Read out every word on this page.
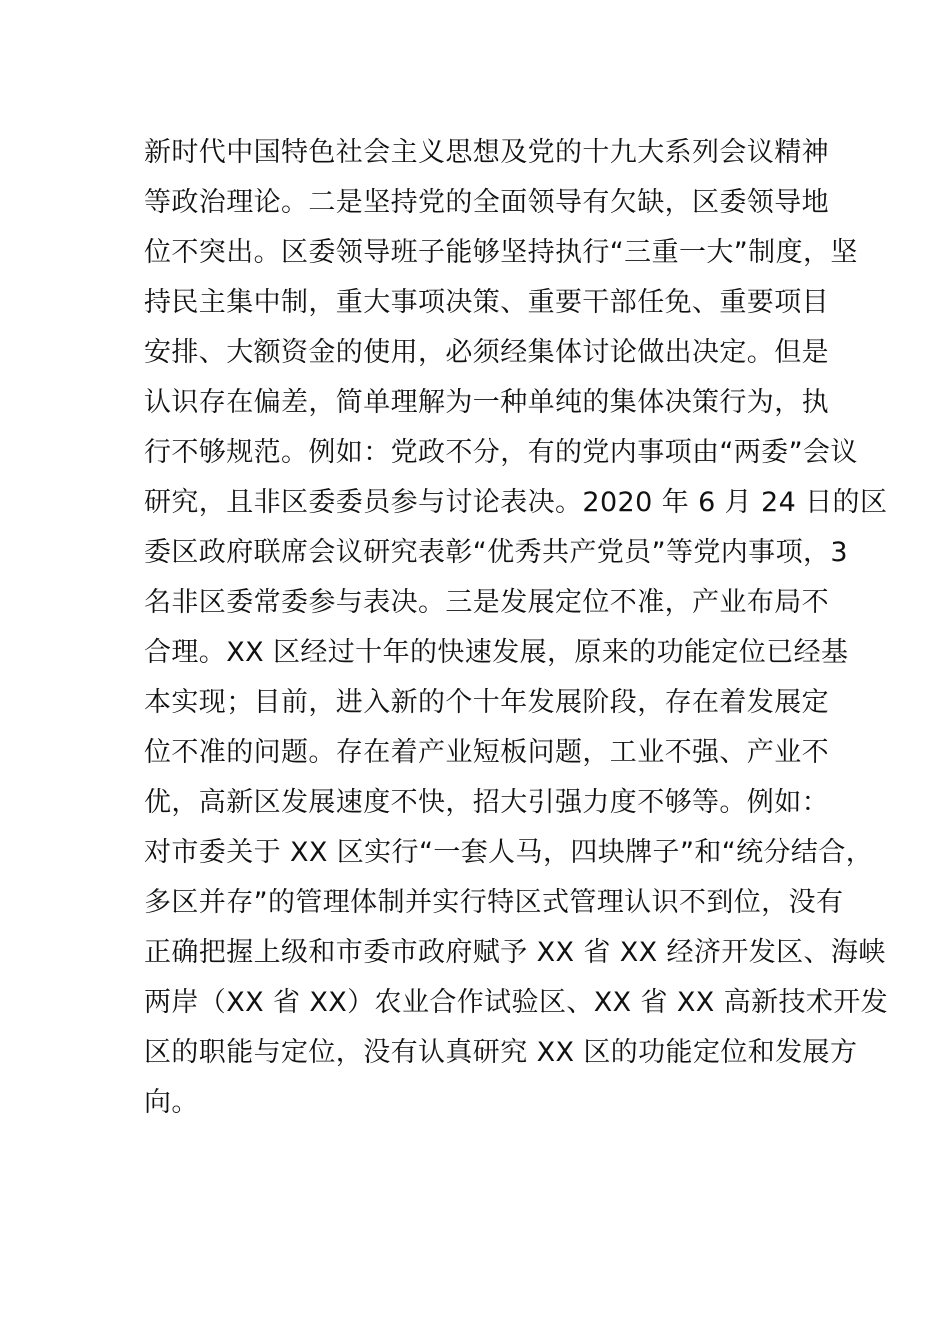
新时代中国特色社会主义思想及党的十九大系列会议精神
等政治理论。二是坚持党的全面领导有欠缺，区委领导地
位不突出。区委领导班子能够坚持执行“三重一大”制度，坚
持民主集中制，重大事项决策、重要干部任免、重要项目
安排、大额资金的使用，必须经集体讨论做出决定。但是
认识存在偏差，简单理解为一种单纯的集体决策行为，执
行不够规范。例如：党政不分，有的党内事项由“两委”会议
研究，且非区委委员参与讨论表决。2020 年 6 月 24 日的区
委区政府联席会议研究表彰“优秀共产党员”等党内事项，3
名非区委常委参与表决。三是发展定位不准，产业布局不
合理。XX 区经过十年的快速发展，原来的功能定位已经基
本实现；目前，进入新的个十年发展阶段，存在着发展定
位不准的问题。存在着产业短板问题，工业不强、产业不
优，高新区发展速度不快，招大引强力度不够等。例如：
对市委关于 XX 区实行“一套人马，四块牌子”和“统分结合，
多区并存”的管理体制并实行特区式管理认识不到位，没有
正确把握上级和市委市政府赋予 XX 省 XX 经济开发区、海峡
两岸（XX 省 XX）农业合作试验区、XX 省 XX 高新技术开发
区的职能与定位，没有认真研究 XX 区的功能定位和发展方
向。
